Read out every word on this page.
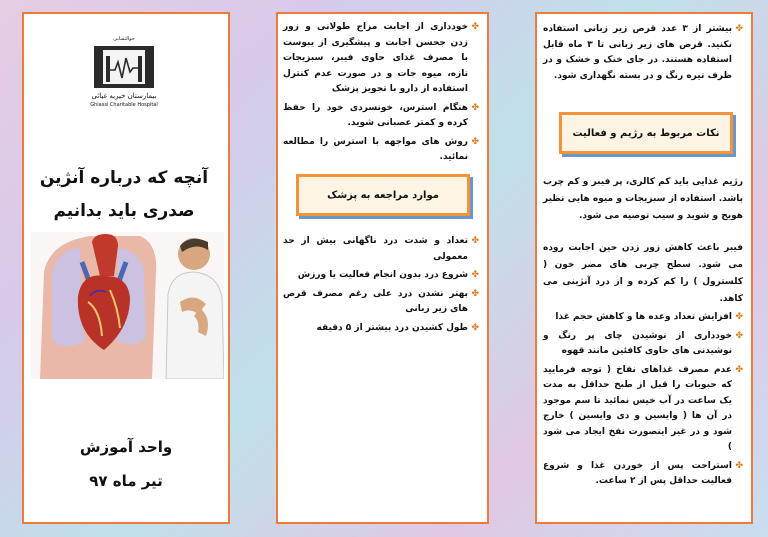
خوالثسانی
بیمارستان خیریه غیاثی
Ghiassi Charitable Hospital
آنچه که درباره آنژین
صدری باید بدانیم
واحد آموزش
تیر ماه ۹۷
✤
خودداری از اجابت مزاج طولانی و زور زدن جحسن اجابت و پیشگیری از یبوست با مصرف غذای حاوی فیبر، سبزیجات تازه، میوه جات و در صورت عدم کنترل استفاده از دارو با تجویز پزشک
✤
هنگام استرس، خونسردی خود را حفظ کرده و کمتر عصبانی شوید.
✤
روش های مواجهه با استرس را مطالعه نمائید.
موارد مراجعه به پزشک
✤
تعداد و شدت درد ناگهانی بیش از حد معمولی
✤
شروع درد بدون انجام فعالیت یا ورزش
✤
بهتر نشدن درد علی رغم مصرف قرص های زیر زبانی
✤
طول کشیدن درد بیشتر از ۵ دقیقه
✤
بیشتر از ۳ عدد قرص زیر زبانی استفاده نکنید. قرص های زیر زبانی تا ۳ ماه قابل استفاده هستند. در جای خنک و خشک و در ظرف تیره رنگ و در بسته نگهداری شود.
نکات مربوط به رژیم و فعالیت
رژیم غذایی باید کم کالری، پر فیبر و کم چرب باشد. استفاده از سبزیجات و میوه هایی نظیر هویج و شوید و سیب توصیه می شود.
فیبر باعث کاهش زور زدن حین اجابت روده می شود. سطح چربی های مضر خون ( کلسترول ) را کم کرده و از درد آنژینی می کاهد.
✤
افزایش تعداد وعده ها و کاهش حجم غذا
✤
خودداری از نوشیدن چای پر رنگ و نوشیدنی های حاوی کافئین مانند قهوه
✤
عدم مصرف غذاهای نفاخ ( توجه فرمایید که حبوبات را قبل از طبخ حداقل به مدت یک ساعت در آب خیس نمائید تا سم موجود در آن ها ( وایسین و دی وایسین ) خارج شود و در غیر اینصورت نفخ ایجاد می شود )
✤
استراحت پس از خوردن غذا و شروع فعالیت حداقل پس از ۲ ساعت.
